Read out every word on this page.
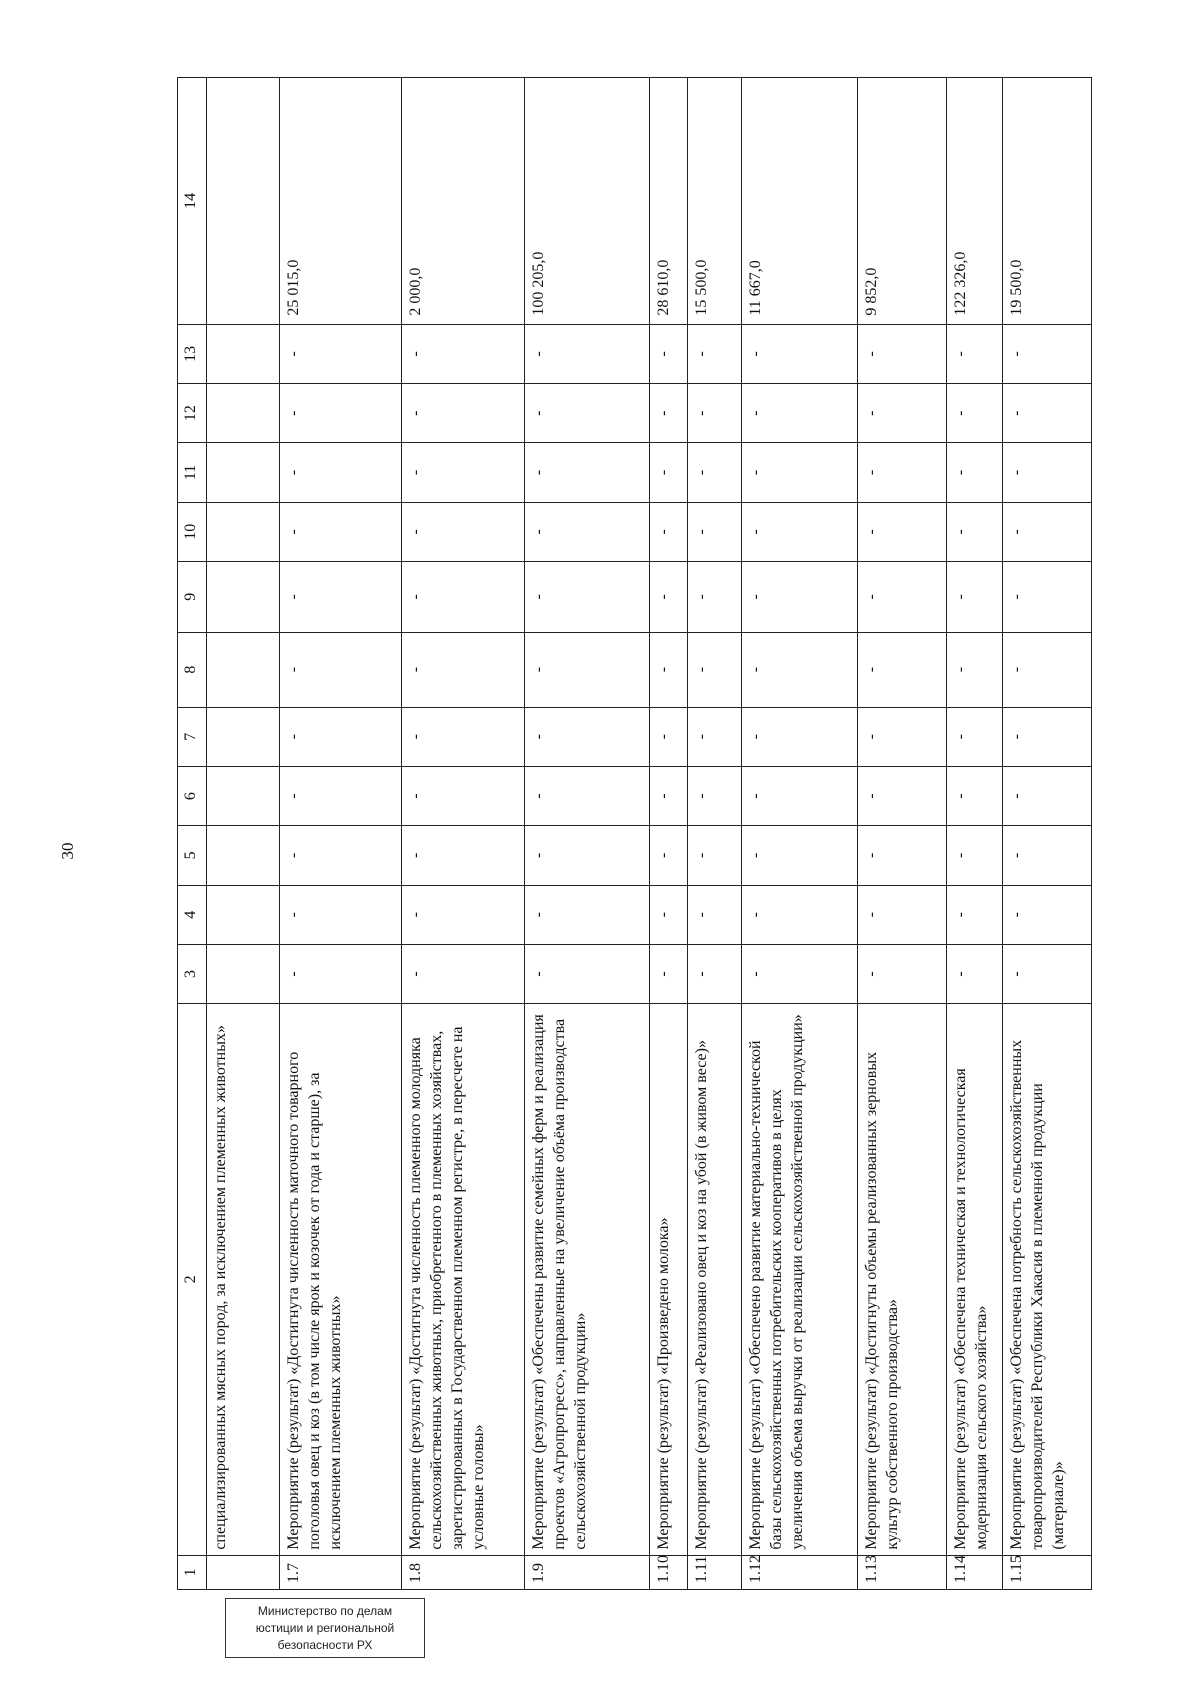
30
1	2	3	4	5	6	7	8	9	10	11	12	13	14
	специализированных мясных пород, за исключением племенных животных»												
1.7	Мероприятие (результат) «Достигнута численность маточного товарного поголовья овец и коз (в том числе ярок и козочек от года и старше), за исключением племенных животных»	-	-	-	-	-	-	-	-	-	-	-	25 015,0
1.8	Мероприятие (результат) «Достигнута численность племенного молодняка сельскохозяйственных животных, приобретенного в племенных хозяйствах, зарегистрированных в Государственном племенном регистре, в пересчете на условные головы»	-	-	-	-	-	-	-	-	-	-	-	2 000,0
1.9	Мероприятие (результат) «Обеспечены развитие семейных ферм и реализация проектов «Агропрогресс», направленные на увеличение объёма производства сельскохозяйственной продукции»	-	-	-	-	-	-	-	-	-	-	-	100 205,0
1.10	Мероприятие (результат) «Произведено молока»	-	-	-	-	-	-	-	-	-	-	-	28 610,0
1.11	Мероприятие (результат) «Реализовано овец и коз на убой (в живом весе)»	-	-	-	-	-	-	-	-	-	-	-	15 500,0
1.12	Мероприятие (результат) «Обеспечено развитие материально-технической базы сельскохозяйственных потребительских кооперативов в целях увеличения объема выручки от реализации сельскохозяйственной продукции»	-	-	-	-	-	-	-	-	-	-	-	11 667,0
1.13	Мероприятие (результат) «Достигнуты объемы реализованных зерновых культур собственного производства»	-	-	-	-	-	-	-	-	-	-	-	9 852,0
1.14	Мероприятие (результат) «Обеспечена техническая и технологическая модернизация сельского хозяйства»	-	-	-	-	-	-	-	-	-	-	-	122 326,0
1.15	Мероприятие (результат) «Обеспечена потребность сельскохозяйственных товаропроизводителей Республики Хакасия в племенной продукции (материале)»	-	-	-	-	-	-	-	-	-	-	-	19 500,0
Министерство по делам
юстиции и региональной
безопасности РХ
